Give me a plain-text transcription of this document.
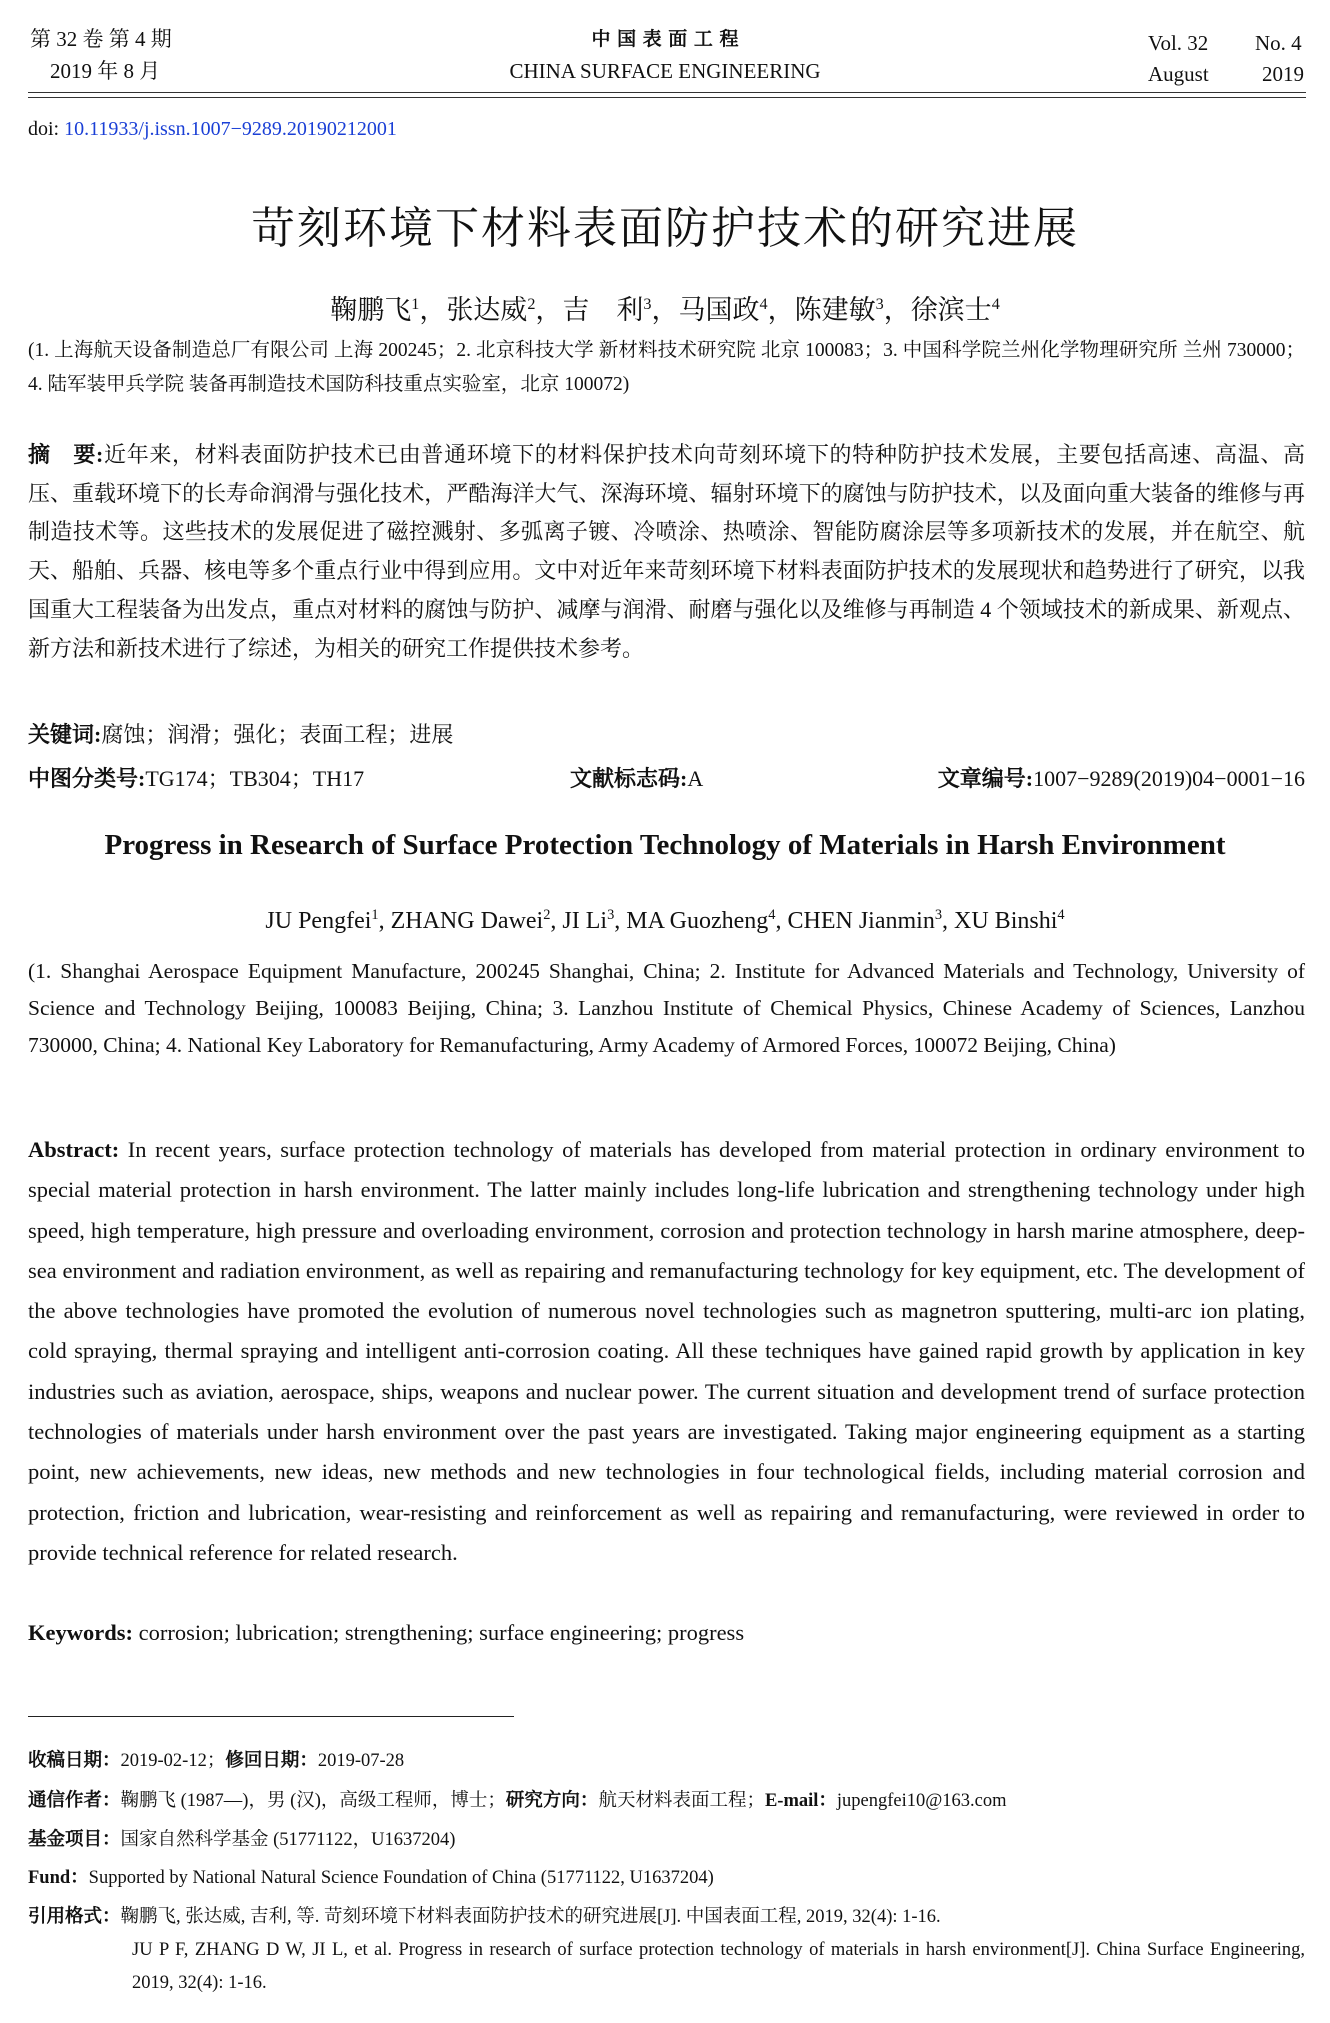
第 32 卷 第 4 期
2019 年 8 月
中 国 表 面 工 程
CHINA SURFACE ENGINEERING
Vol. 32 No. 4
August	2019
doi: 10.11933/j.issn.1007−9289.20190212001
苛刻环境下材料表面防护技术的研究进展
鞠鹏飞$^1$，张达威$^2$，吉　利$^3$，马国政$^4$，陈建敏$^3$，徐滨士$^4$
(1. 上海航天设备制造总厂有限公司 上海 200245；2. 北京科技大学 新材料技术研究院 北京 100083；3. 中国科学院兰州化学物理研究所 兰州 730000；4. 陆军装甲兵学院 装备再制造技术国防科技重点实验室，北京 100072)
摘　要:近年来，材料表面防护技术已由普通环境下的材料保护技术向苛刻环境下的特种防护技术发展，主要包括高速、高温、高压、重载环境下的长寿命润滑与强化技术，严酷海洋大气、深海环境、辐射环境下的腐蚀与防护技术，以及面向重大装备的维修与再制造技术等。这些技术的发展促进了磁控溅射、多弧离子镀、冷喷涂、热喷涂、智能防腐涂层等多项新技术的发展，并在航空、航天、船舶、兵器、核电等多个重点行业中得到应用。文中对近年来苛刻环境下材料表面防护技术的发展现状和趋势进行了研究，以我国重大工程装备为出发点，重点对材料的腐蚀与防护、减摩与润滑、耐磨与强化以及维修与再制造 4 个领域技术的新成果、新观点、新方法和新技术进行了综述，为相关的研究工作提供技术参考。
关键词:腐蚀；润滑；强化；表面工程；进展
中图分类号:TG174；TB304；TH17	文献标志码:A	文章编号:1007−9289(2019)04−0001−16
Progress in Research of Surface Protection Technology of Materials in Harsh Environment
JU Pengfei$^1$, ZHANG Dawei$^2$, JI Li$^3$, MA Guozheng$^4$, CHEN Jianmin$^3$, XU Binshi$^4$
(1. Shanghai Aerospace Equipment Manufacture, 200245 Shanghai, China; 2. Institute for Advanced Materials and Technology, University of Science and Technology Beijing, 100083 Beijing, China; 3. Lanzhou Institute of Chemical Physics, Chinese Academy of Sciences, Lanzhou 730000, China; 4. National Key Laboratory for Remanufacturing, Army Academy of Armored Forces, 100072 Beijing, China)
Abstract: In recent years, surface protection technology of materials has developed from material protection in ordinary environment to special material protection in harsh environment. The latter mainly includes long-life lubrication and strengthening technology under high speed, high temperature, high pressure and overloading environment, corrosion and protection technology in harsh marine atmosphere, deep-sea environment and radiation environment, as well as repairing and remanufacturing technology for key equipment, etc. The development of the above technologies have promoted the evolution of numerous novel technologies such as magnetron sputtering, multi-arc ion plating, cold spraying, thermal spraying and intelligent anti-corrosion coating. All these techniques have gained rapid growth by application in key industries such as aviation, aerospace, ships, weapons and nuclear power. The current situation and development trend of surface protection technologies of materials under harsh environment over the past years are investigated. Taking major engineering equipment as a starting point, new achievements, new ideas, new methods and new technologies in four technological fields, including material corrosion and protection, friction and lubrication, wear-resisting and reinforcement as well as repairing and remanufacturing, were reviewed in order to provide technical reference for related research.
Keywords: corrosion; lubrication; strengthening; surface engineering; progress
收稿日期：2019-02-12；修回日期：2019-07-28
通信作者：鞠鹏飞 (1987—)，男 (汉)，高级工程师，博士；研究方向：航天材料表面工程；E-mail：jupengfei10@163.com
基金项目：国家自然科学基金 (51771122，U1637204)
Fund：Supported by National Natural Science Foundation of China (51771122, U1637204)
引用格式：鞠鹏飞, 张达威, 吉利, 等. 苛刻环境下材料表面防护技术的研究进展[J]. 中国表面工程, 2019, 32(4): 1-16.
JU P F, ZHANG D W, JI L, et al. Progress in research of surface protection technology of materials in harsh environment[J]. China Surface Engineering, 2019, 32(4): 1-16.
